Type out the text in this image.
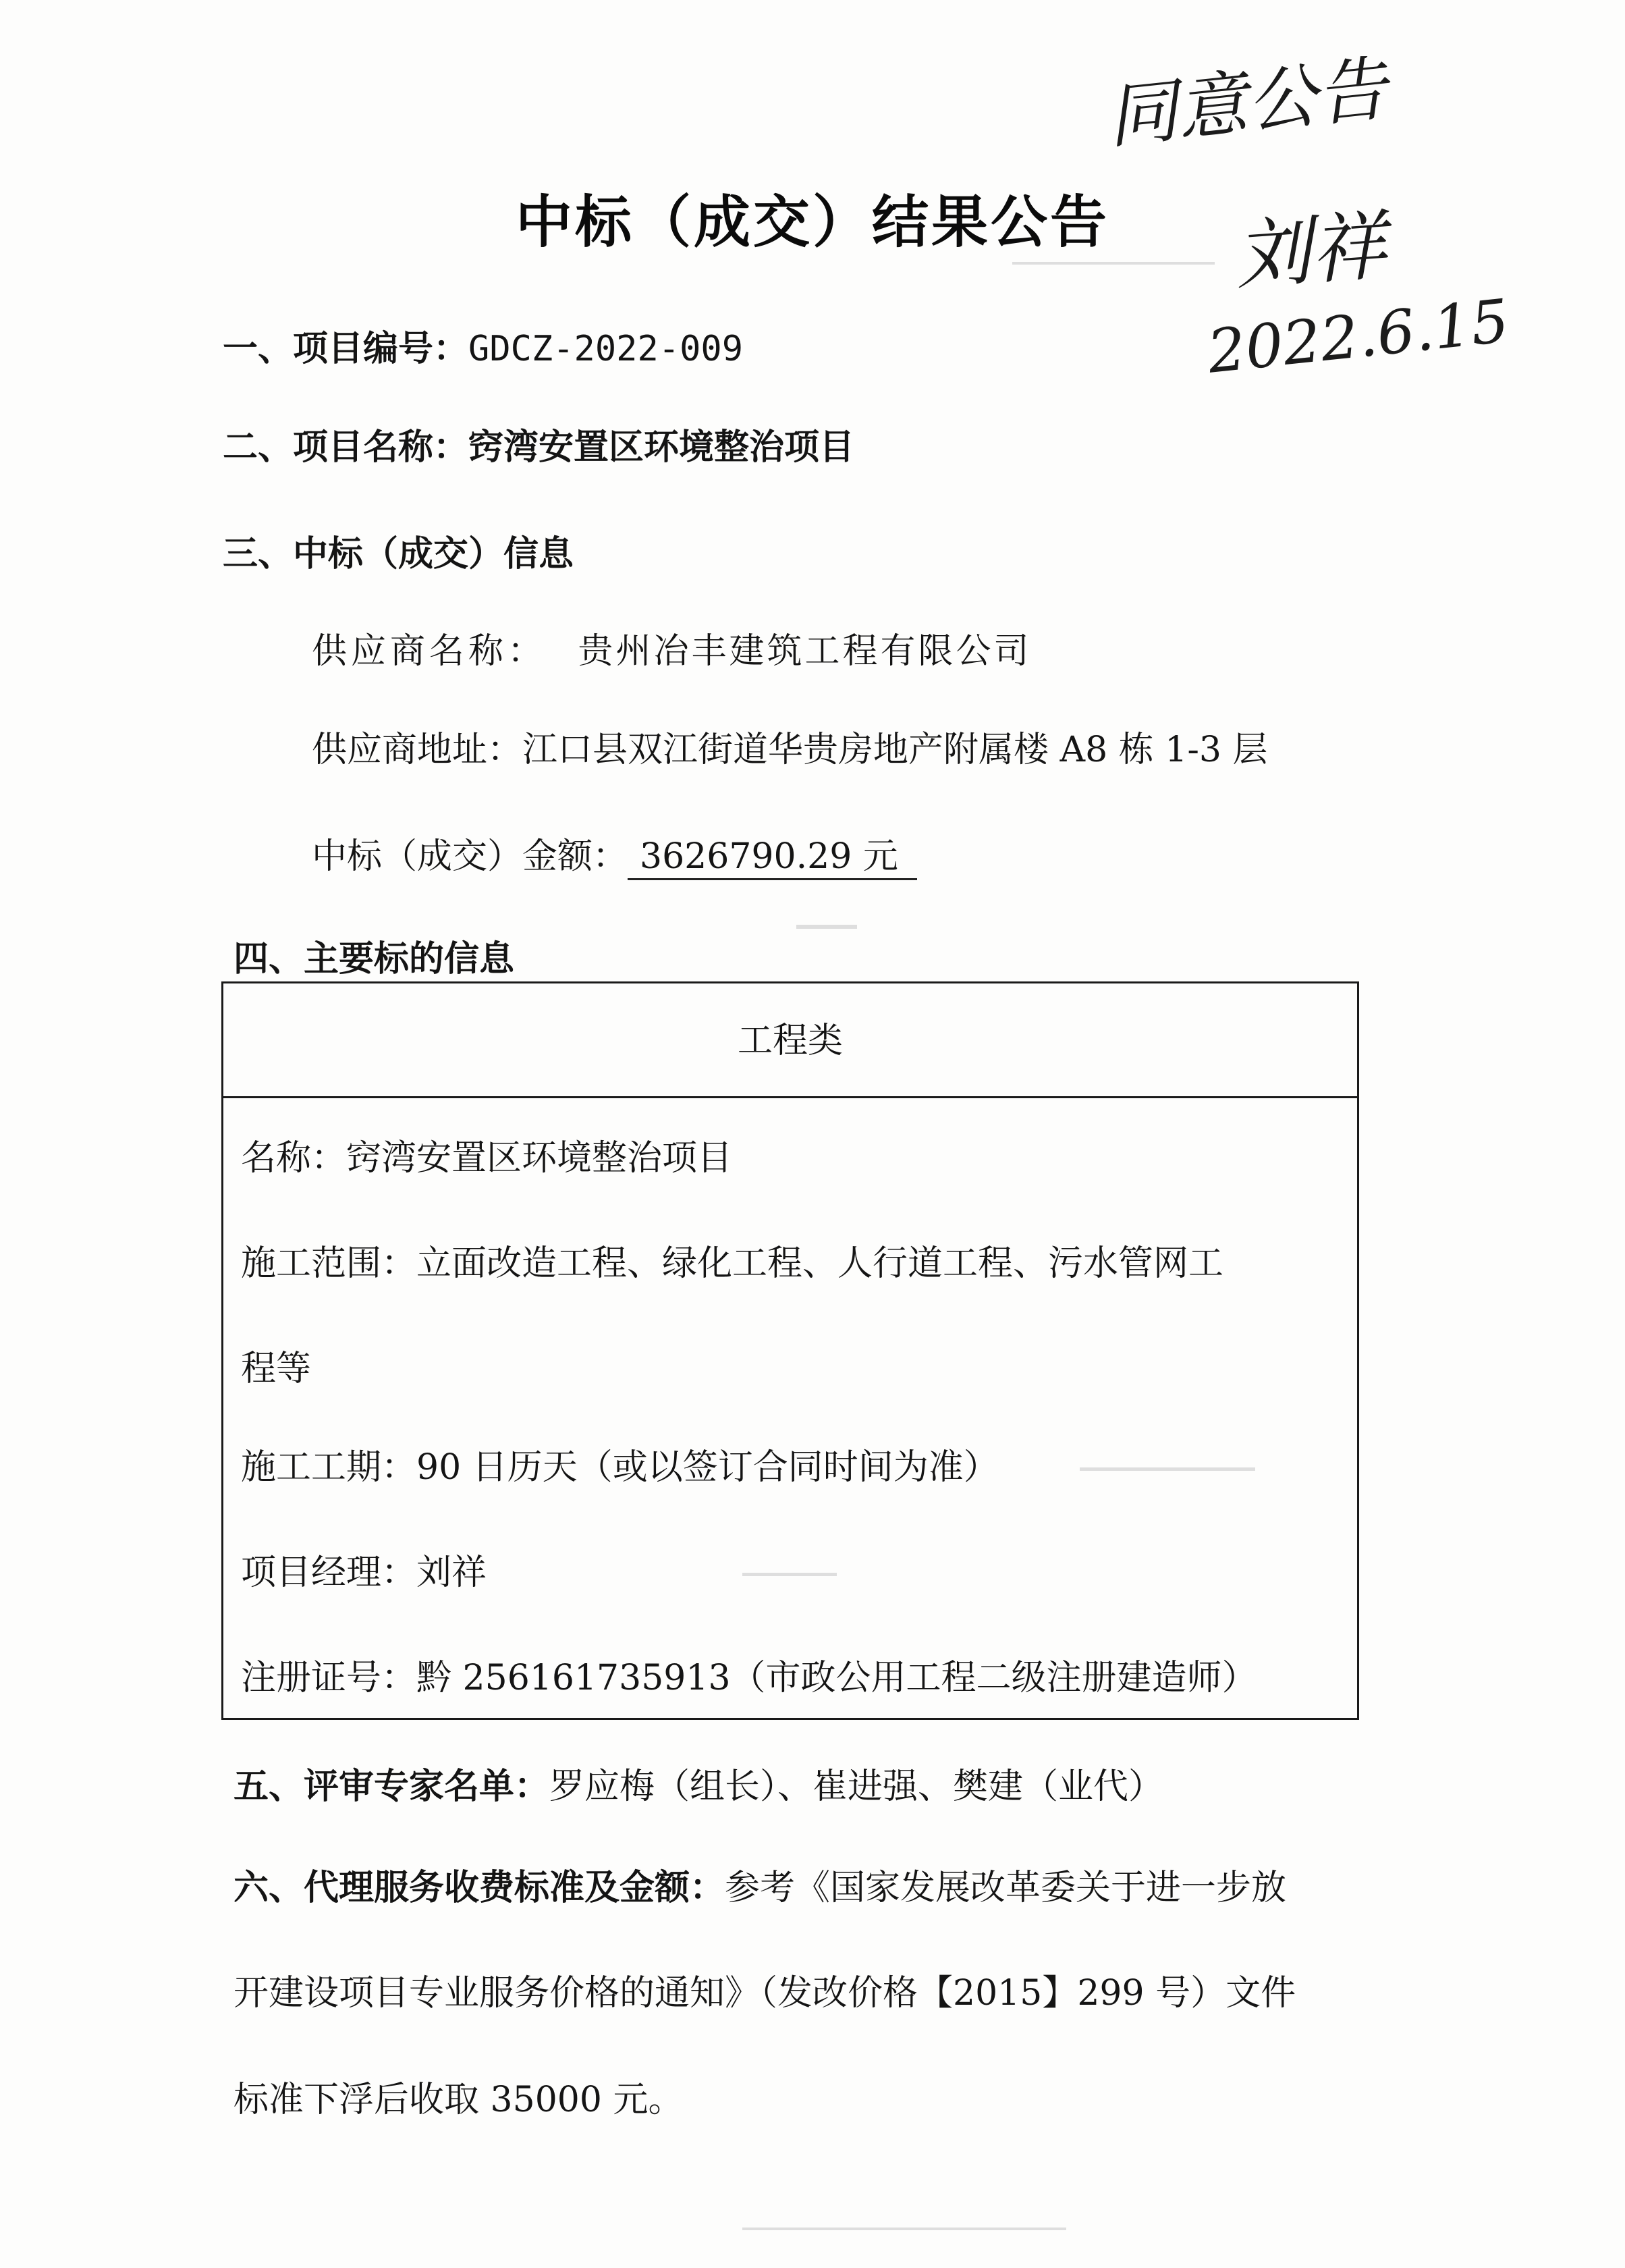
同意公告
刘祥
2022.6.15
中标（成交）结果公告
一、项目编号：GDCZ-2022-009
二、项目名称：窍湾安置区环境整治项目
三、中标（成交）信息
供应商名称： 贵州冶丰建筑工程有限公司
供应商地址：江口县双江街道华贵房地产附属楼 A8 栋 1-3 层
中标（成交）金额： 3626790.29 元
四、主要标的信息
工程类
名称：窍湾安置区环境整治项目
施工范围：立面改造工程、绿化工程、人行道工程、污水管网工
程等
施工工期：90 日历天（或以签订合同时间为准）
项目经理：刘祥
注册证号：黔 256161735913（市政公用工程二级注册建造师）
五、评审专家名单：罗应梅（组长）、崔进强、樊建（业代）
六、代理服务收费标准及金额：参考《国家发展改革委关于进一步放
开建设项目专业服务价格的通知》（发改价格【2015】299 号）文件
标准下浮后收取 35000 元。
